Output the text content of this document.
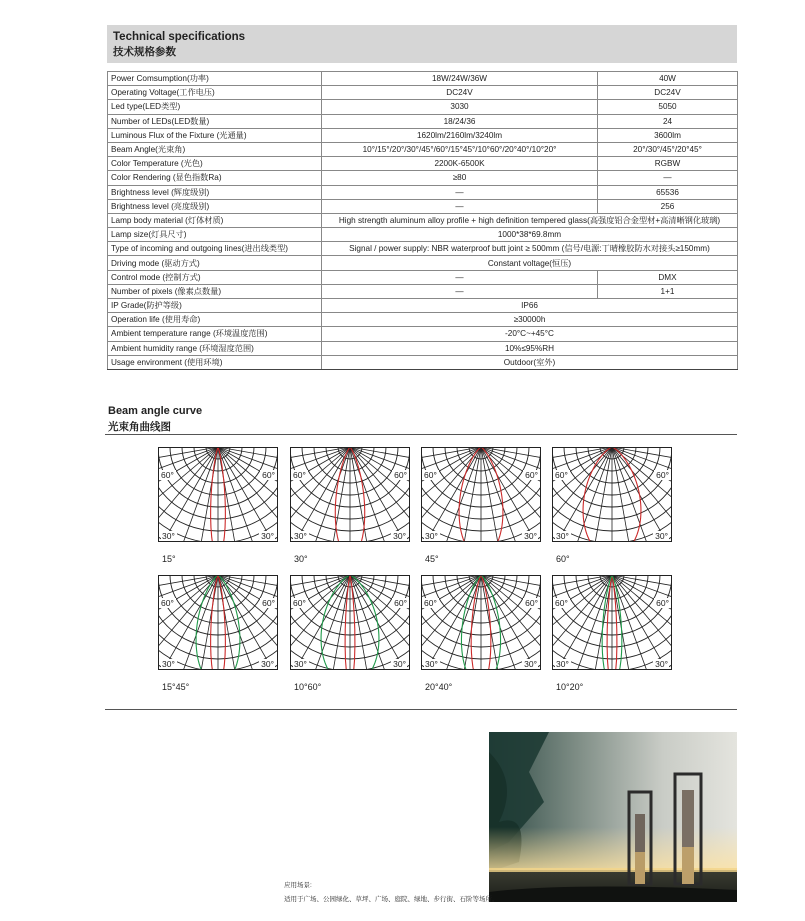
Technical specifications
技术规格参数
Power Comsumption(功率)	18W/24W/36W	40W
Operating Voltage(工作电压)	DC24V	DC24V
Led type(LED类型)	3030	5050
Number of LEDs(LED数量)	18/24/36	24
Luminous Flux of the Fixture (光通量)	1620lm/2160lm/3240lm	3600lm
Beam Angle(光束角)	10°/15°/20°/30°/45°/60°/15°45°/10°60°/20°40°/10°20°	20°/30°/45°/20°45°
Color Temperature (光色)	2200K-6500K	RGBW
Color Rendering (显色指数Ra)	≥80	—
Brightness level (辉度级别)	—	65536
Brightness level (亮度级别)	—	256
Lamp body material (灯体材质)	High strength aluminum alloy profile + high definition tempered glass(高强度铝合金型材+高清晰钢化玻璃)	
Lamp size(灯具尺寸)	1000*38*69.8mm	
Type of incoming and outgoing lines(进出线类型)	Signal / power supply: NBR waterproof butt joint ≥ 500mm (信号/电源:丁晴橡胶防水对接头≥150mm)	
Driving mode (驱动方式)	Constant voltage(恒压)	
Control mode (控制方式)	—	DMX
Number of pixels (像素点数量)	—	1+1
IP Grade(防护等级)	IP66	
Operation life (使用寿命)	≥30000h	
Ambient temperature range (环境温度范围)	-20°C~+45°C	
Ambient humidity range (环境湿度范围)	10%≤95%RH	
Usage environment (使用环境)	Outdoor(室外)	
Beam angle curve
光束角曲线图
60°	60°
30°	30°
15°
60°	60°
30°	30°
30°
60°	60°
30°	30°
45°
60°	60°
30°	30°
60°
60°	60°
30°	30°
15°45°
60°	60°
30°	30°
10°60°
60°	60°
30°	30°
20°40°
60°	60°
30°	30°
10°20°
应用场景:
适用于广场、公园绿化、草坪、广场、庭院、绿地、步行街、石阶等场所。
